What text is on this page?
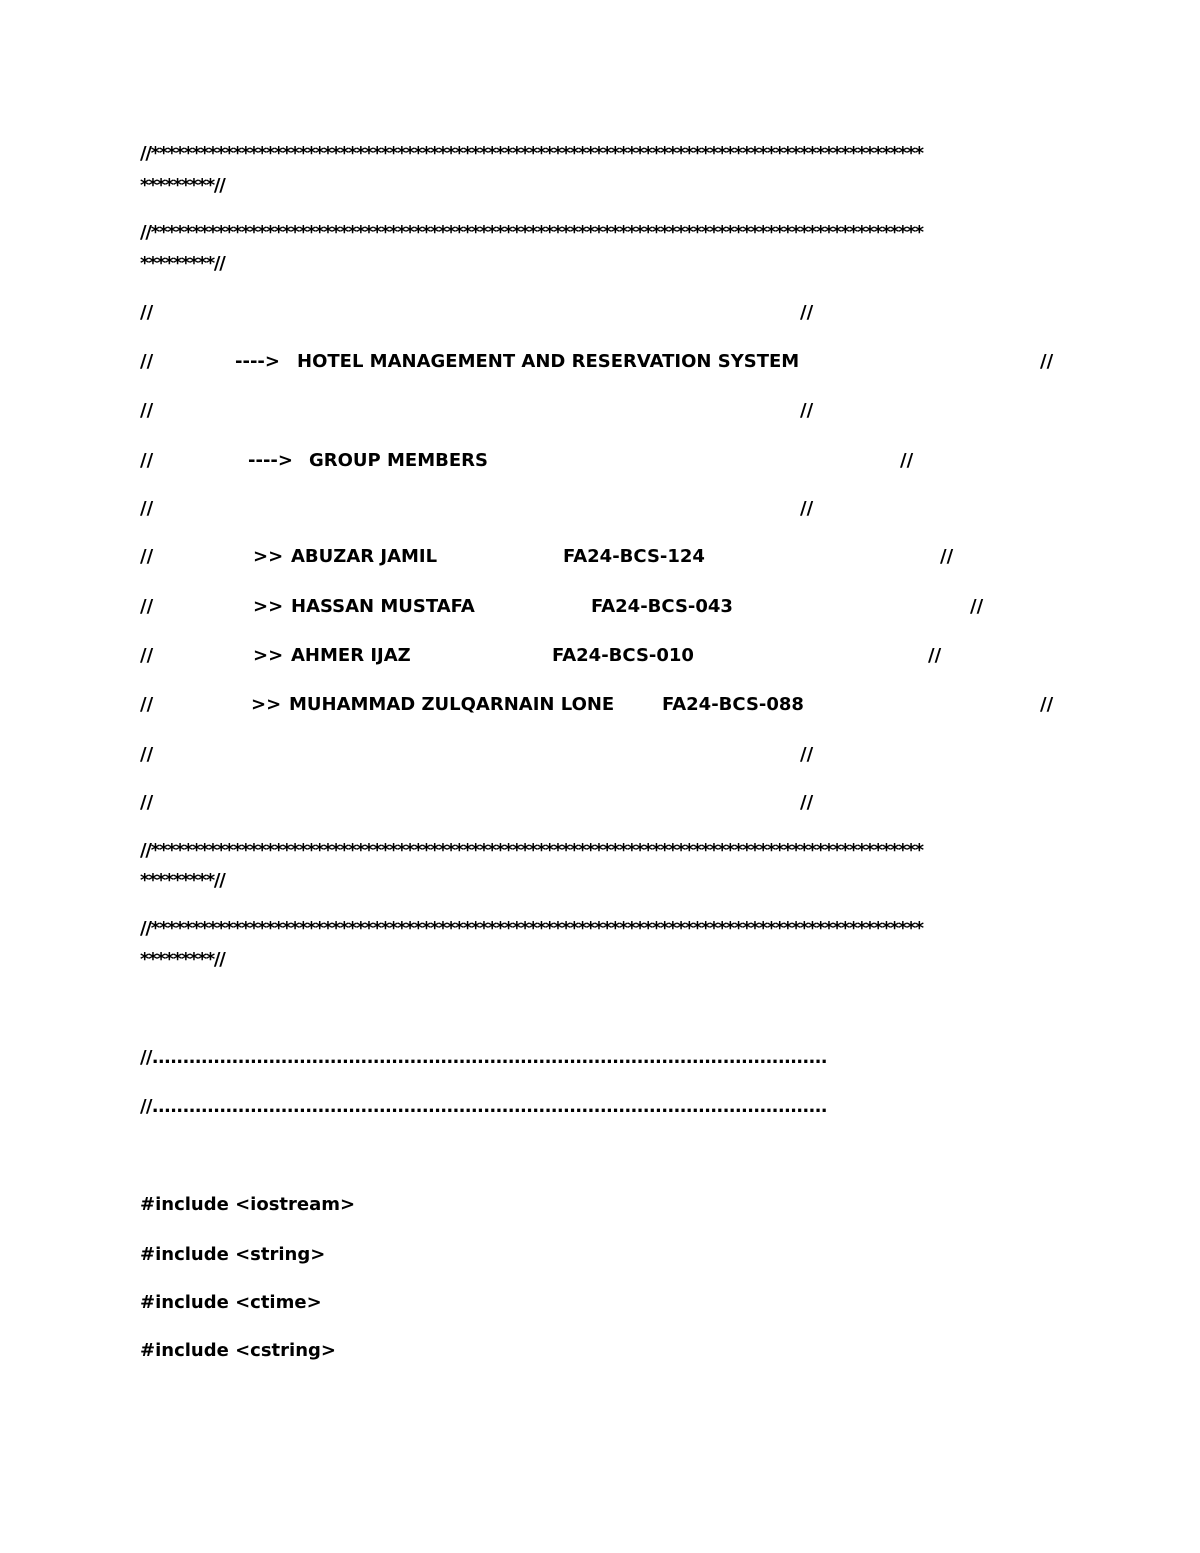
//**********************************************************************************************
*********//
//**********************************************************************************************
*********//
//	//
//	----> HOTEL MANAGEMENT AND RESERVATION SYSTEM	//
//	//
//	----> GROUP MEMBERS	//
//	//
//	>> ABUZAR JAMIL	FA24-BCS-124	//
//	>> HASSAN MUSTAFA	FA24-BCS-043	//
//	>> AHMER IJAZ	FA24-BCS-010	//
//	>> MUHAMMAD ZULQARNAIN LONE	FA24-BCS-088	//
//	//
//	//
//**********************************************************************************************
*********//
//**********************************************************************************************
*********//
//..............................................................................................................
//..............................................................................................................
#include <iostream>
#include <string>
#include <ctime>
#include <cstring>
